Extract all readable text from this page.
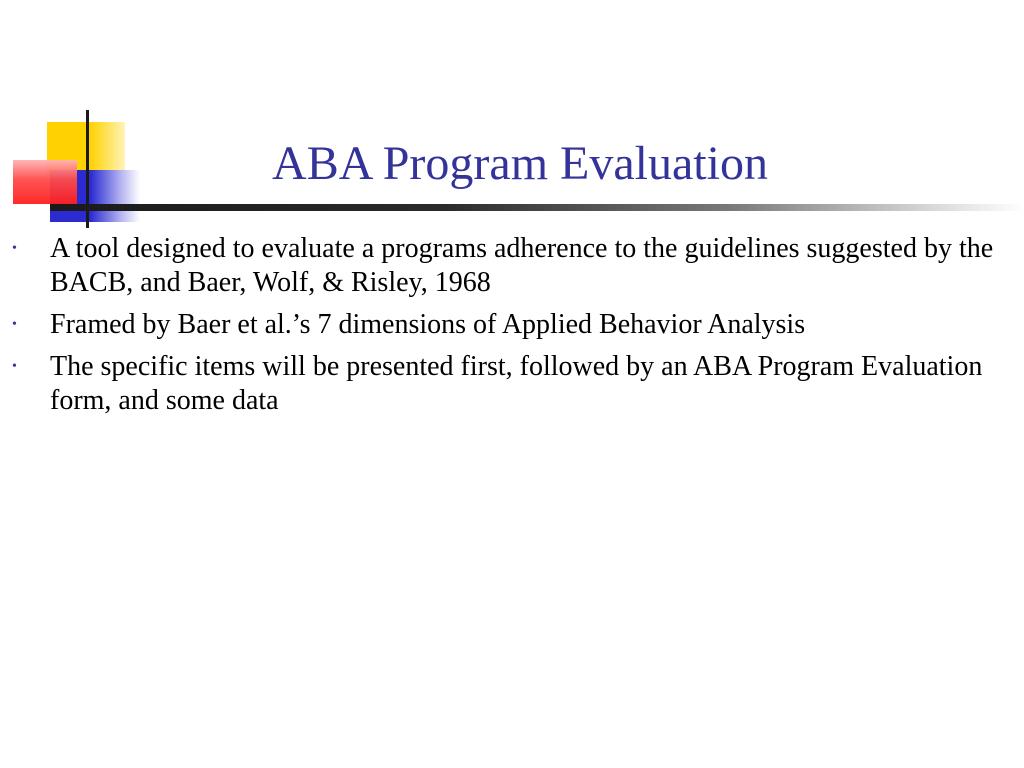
ABA Program Evaluation
• A tool designed to evaluate a programs adherence to the guidelines suggested by the BACB, and Baer, Wolf, & Risley, 1968
• Framed by Baer et al.’s 7 dimensions of Applied Behavior Analysis
• The specific items will be presented first, followed by an ABA Program Evaluation form, and some data
